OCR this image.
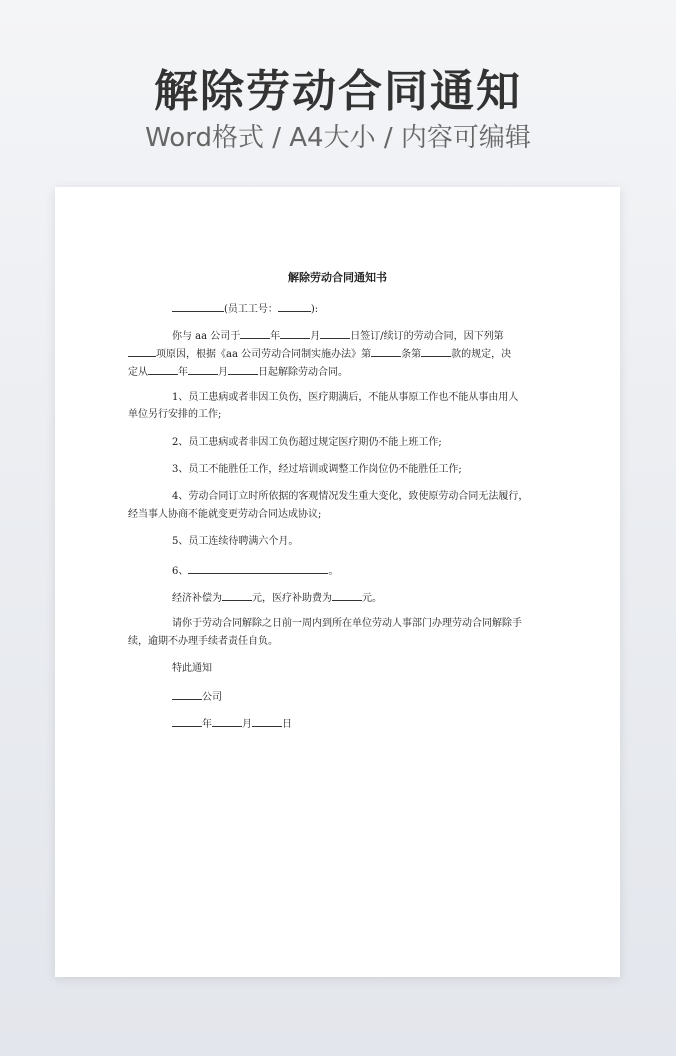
解除劳动合同通知
Word格式 / A4大小 / 内容可编辑
解除劳动合同通知书
(员工工号：	):
你与 aa 公司于	年	月	日签订/续订的劳动合同，因下列第
项原因，根据《aa 公司劳动合同制实施办法》第	条第	款的规定，决
定从	年	月	日起解除劳动合同。
1、员工患病或者非因工负伤，医疗期满后，不能从事原工作也不能从事由用人
单位另行安排的工作;
2、员工患病或者非因工负伤超过规定医疗期仍不能上班工作;
3、员工不能胜任工作，经过培训或调整工作岗位仍不能胜任工作;
4、劳动合同订立时所依据的客观情况发生重大变化，致使原劳动合同无法履行，
经当事人协商不能就变更劳动合同达成协议;
5、员工连续待聘满六个月。
6、	。
经济补偿为	元，医疗补助费为	元。
请你于劳动合同解除之日前一周内到所在单位劳动人事部门办理劳动合同解除手
续，逾期不办理手续者责任自负。
特此通知
公司
年	月	日
